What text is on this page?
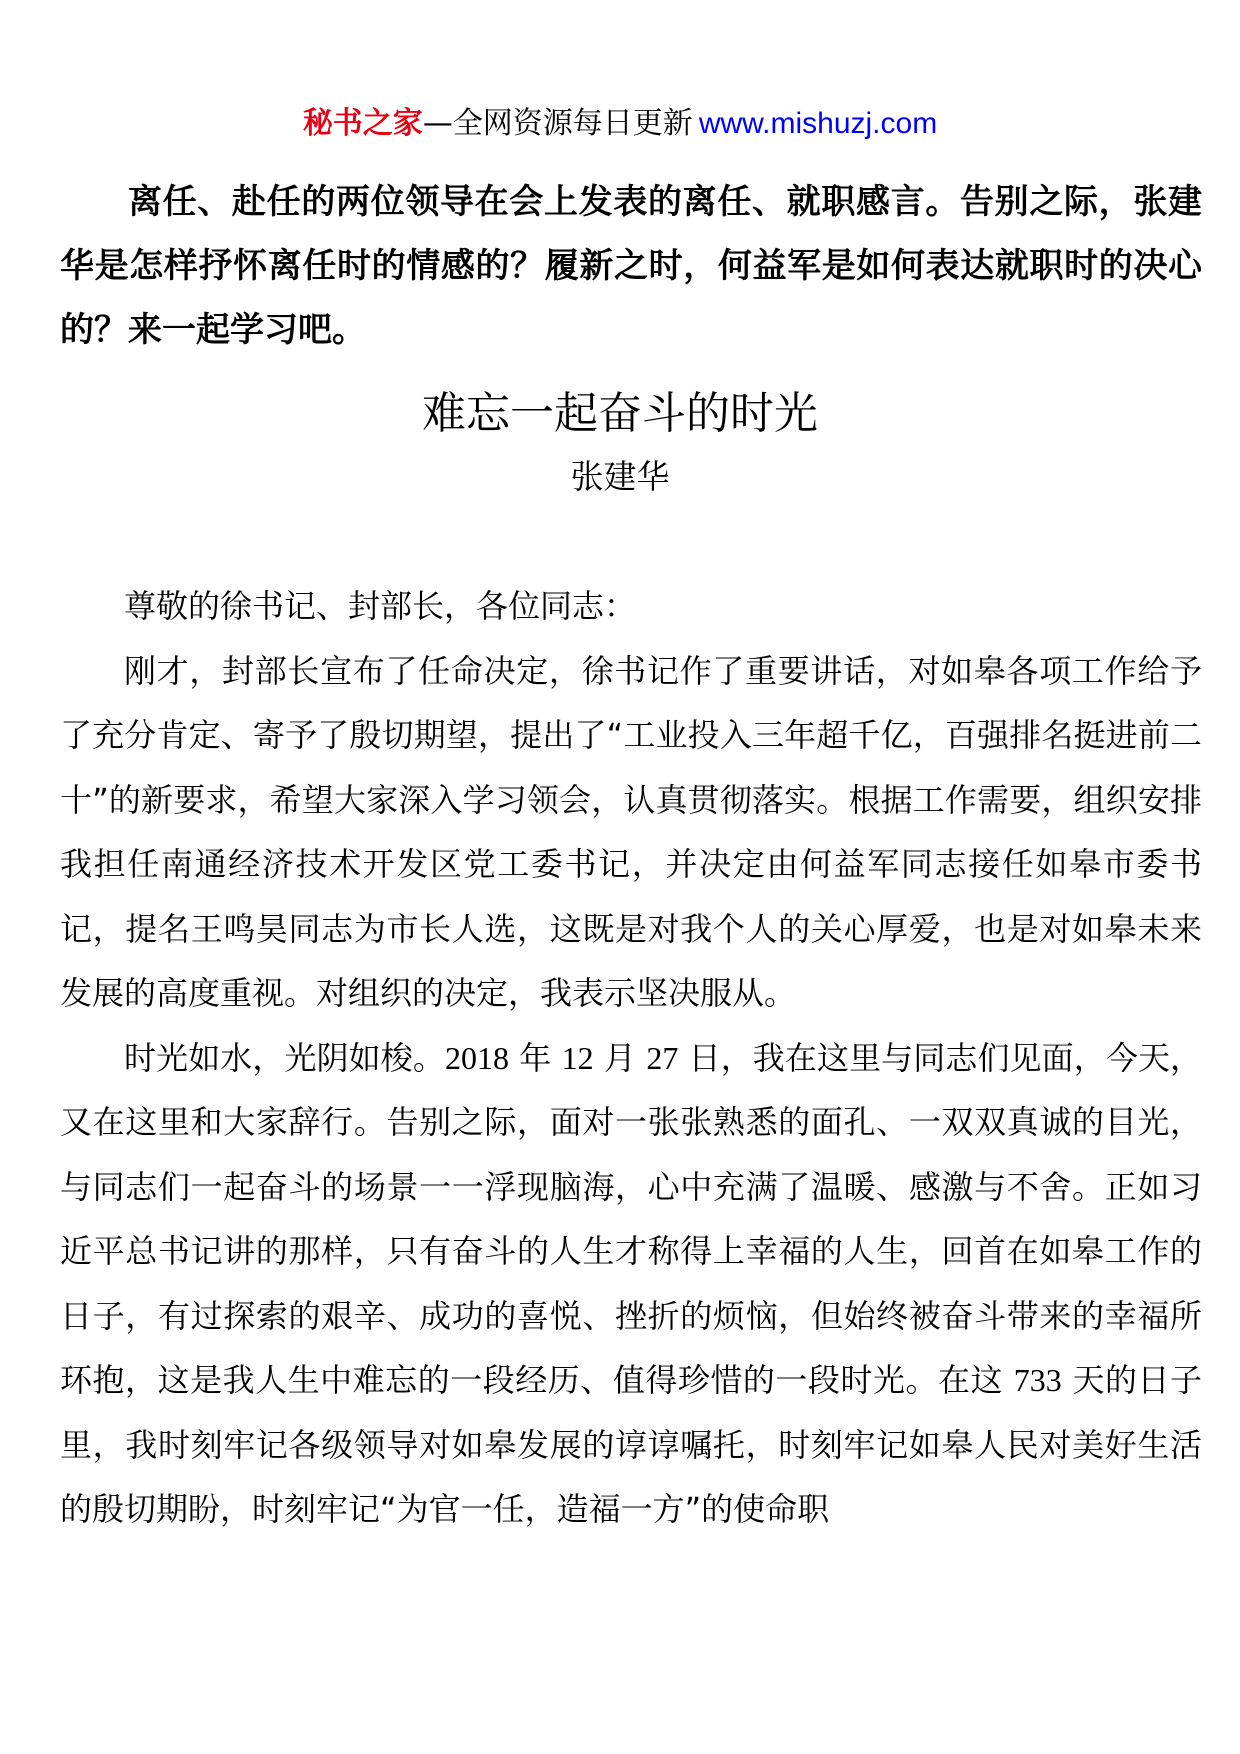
秘书之家—全网资源每日更新 www.mishuzj.com

离任、赴任的两位领导在会上发表的离任、就职感言。告别之际，张建华是怎样抒怀离任时的情感的？履新之时，何益军是如何表达就职时的决心的？来一起学习吧。

难忘一起奋斗的时光
张建华

尊敬的徐书记、封部长，各位同志：

刚才，封部长宣布了任命决定，徐书记作了重要讲话，对如皋各项工作给予了充分肯定、寄予了殷切期望，提出了“工业投入三年超千亿，百强排名挺进前二十”的新要求，希望大家深入学习领会，认真贯彻落实。根据工作需要，组织安排我担任南通经济技术开发区党工委书记，并决定由何益军同志接任如皋市委书记，提名王鸣昊同志为市长人选，这既是对我个人的关心厚爱，也是对如皋未来发展的高度重视。对组织的决定，我表示坚决服从。

时光如水，光阴如梭。2018 年 12 月 27 日，我在这里与同志们见面，今天，又在这里和大家辞行。告别之际，面对一张张熟悉的面孔、一双双真诚的目光，与同志们一起奋斗的场景一一浮现脑海，心中充满了温暖、感激与不舍。正如习近平总书记讲的那样，只有奋斗的人生才称得上幸福的人生，回首在如皋工作的日子，有过探索的艰辛、成功的喜悦、挫折的烦恼，但始终被奋斗带来的幸福所环抱，这是我人生中难忘的一段经历、值得珍惜的一段时光。在这 733 天的日子里，我时刻牢记各级领导对如皋发展的谆谆嘱托，时刻牢记如皋人民对美好生活的殷切期盼，时刻牢记“为官一任，造福一方”的使命职
